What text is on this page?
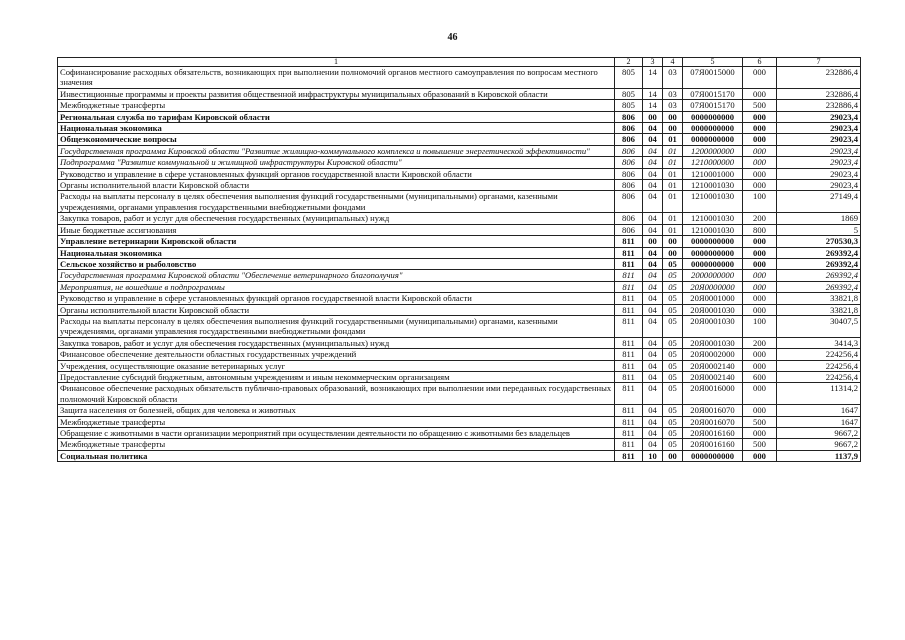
46
1	2	3	4	5	6	7
Софинансирование расходных обязательств, возникающих при выполнении полномочий органов местного самоуправления по вопросам местного значения	805	14	03	07Я0015000	000	232886,4
Инвестиционные программы и проекты развития общественной инфраструктуры муниципальных образований в Кировской области	805	14	03	07Я0015170	000	232886,4
Межбюджетные трансферты	805	14	03	07Я0015170	500	232886,4
Региональная служба по тарифам Кировской области	806	00	00	0000000000	000	29023,4
Национальная экономика	806	04	00	0000000000	000	29023,4
Общеэкономические вопросы	806	04	01	0000000000	000	29023,4
Государственная программа Кировской области "Развитие жилищно-коммунального комплекса и повышение энергетической эффективности"	806	04	01	1200000000	000	29023,4
Подпрограмма "Развитие коммунальной и жилищной инфраструктуры Кировской области"	806	04	01	1210000000	000	29023,4
Руководство и управление в сфере установленных функций органов государственной власти Кировской области	806	04	01	1210001000	000	29023,4
Органы исполнительной власти Кировской области	806	04	01	1210001030	000	29023,4
Расходы на выплаты персоналу в целях обеспечения выполнения функций государственными (муниципальными) органами, казенными учреждениями, органами управления государственными внебюджетными фондами	806	04	01	1210001030	100	27149,4
Закупка товаров, работ и услуг для обеспечения государственных (муниципальных) нужд	806	04	01	1210001030	200	1869
Иные бюджетные ассигнования	806	04	01	1210001030	800	5
Управление ветеринарии Кировской области	811	00	00	0000000000	000	270530,3
Национальная экономика	811	04	00	0000000000	000	269392,4
Сельское хозяйство и рыболовство	811	04	05	0000000000	000	269392,4
Государственная программа Кировской области "Обеспечение ветеринарного благополучия"	811	04	05	2000000000	000	269392,4
Мероприятия, не вошедшие в подпрограммы	811	04	05	20Я0000000	000	269392,4
Руководство и управление в сфере установленных функций органов государственной власти Кировской области	811	04	05	20Я0001000	000	33821,8
Органы исполнительной власти Кировской области	811	04	05	20Я0001030	000	33821,8
Расходы на выплаты персоналу в целях обеспечения выполнения функций государственными (муниципальными) органами, казенными учреждениями, органами управления государственными внебюджетными фондами	811	04	05	20Я0001030	100	30407,5
Закупка товаров, работ и услуг для обеспечения государственных (муниципальных) нужд	811	04	05	20Я0001030	200	3414,3
Финансовое обеспечение деятельности областных государственных учреждений	811	04	05	20Я0002000	000	224256,4
Учреждения, осуществляющие оказание ветеринарных услуг	811	04	05	20Я0002140	000	224256,4
Предоставление субсидий бюджетным, автономным учреждениям и иным некоммерческим организациям	811	04	05	20Я0002140	600	224256,4
Финансовое обеспечение расходных обязательств публично-правовых образований, возникающих при выполнении ими переданных государственных полномочий Кировской области	811	04	05	20Я0016000	000	11314,2
Защита населения от болезней, общих для человека и животных	811	04	05	20Я0016070	000	1647
Межбюджетные трансферты	811	04	05	20Я0016070	500	1647
Обращение с животными в части организации мероприятий при осуществлении деятельности по обращению с животными без владельцев	811	04	05	20Я0016160	000	9667,2
Межбюджетные трансферты	811	04	05	20Я0016160	500	9667,2
Социальная политика	811	10	00	0000000000	000	1137,9
